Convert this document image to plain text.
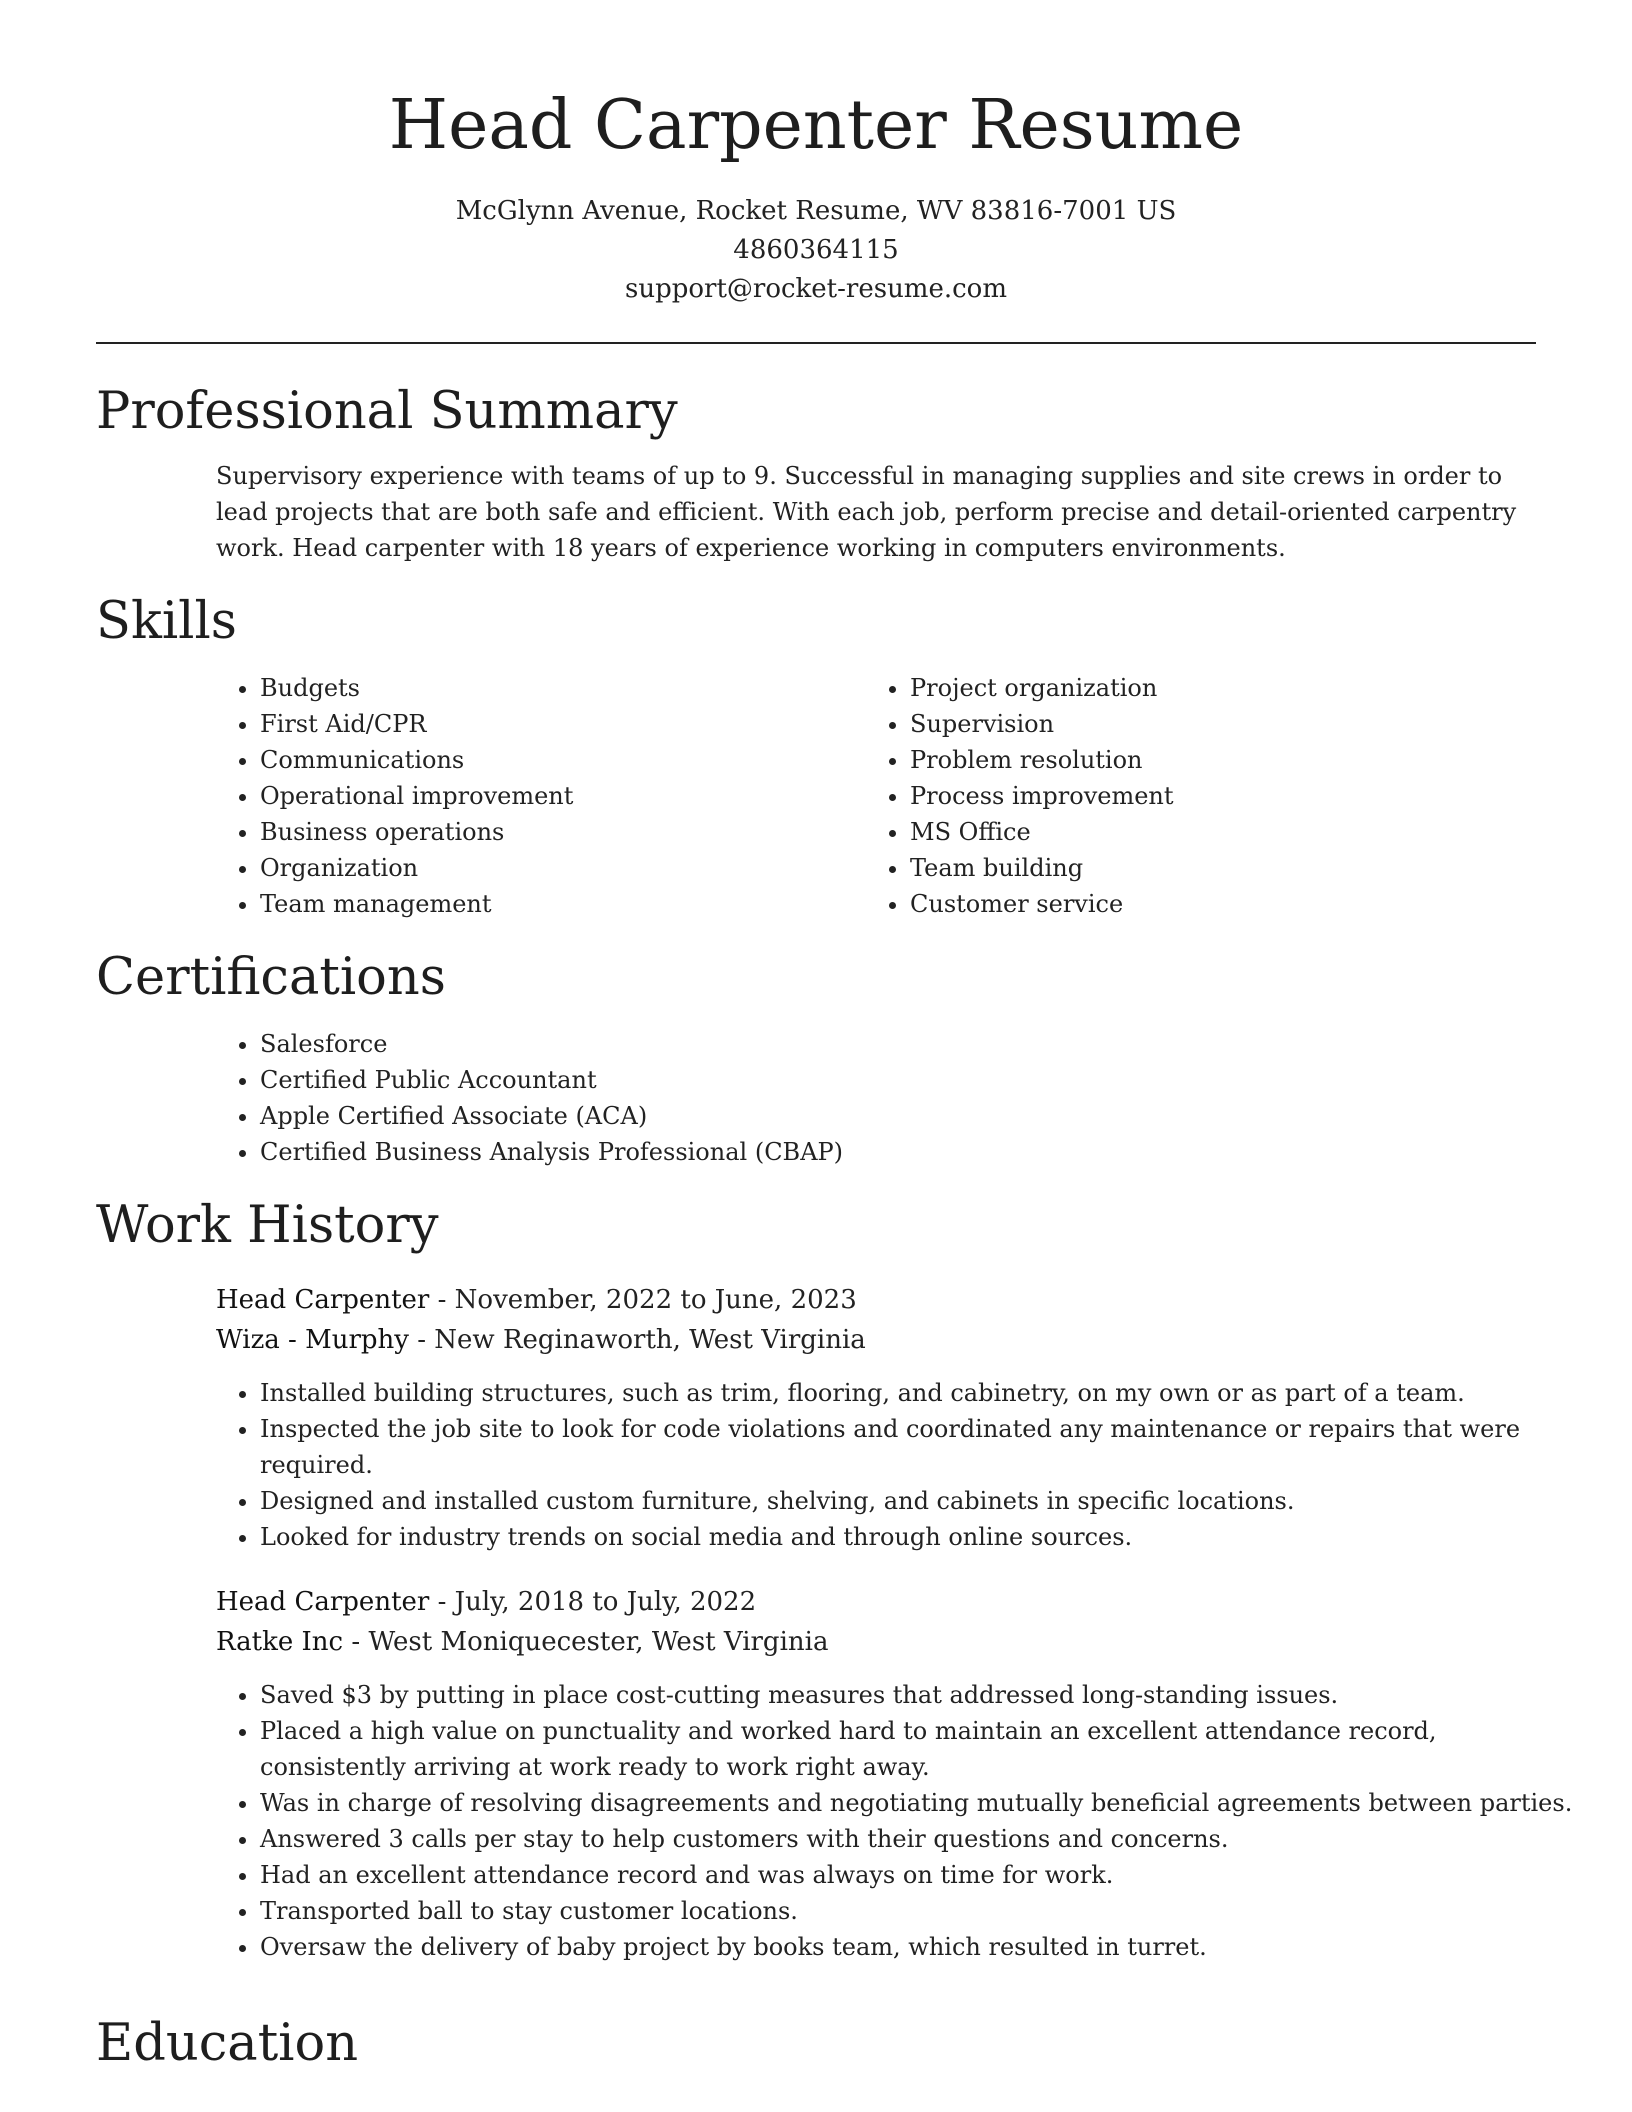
Head Carpenter Resume
McGlynn Avenue, Rocket Resume, WV 83816-7001 US
4860364115
support@rocket-resume.com
Professional Summary

Supervisory experience with teams of up to 9. Successful in managing supplies and site crews in order to lead projects that are both safe and efficient. With each job, perform precise and detail-oriented carpentry work. Head carpenter with 18 years of experience working in computers environments.

Skills
• Budgets
• First Aid/CPR
• Communications
• Operational improvement
• Business operations
• Organization
• Team management
• Project organization
• Supervision
• Problem resolution
• Process improvement
• MS Office
• Team building
• Customer service
Certifications
• Salesforce
• Certified Public Accountant
• Apple Certified Associate (ACA)
• Certified Business Analysis Professional (CBAP)
Work History
Head Carpenter - November, 2022 to June, 2023
Wiza - Murphy - New Reginaworth, West Virginia
• Installed building structures, such as trim, flooring, and cabinetry, on my own or as part of a team.
• Inspected the job site to look for code violations and coordinated any maintenance or repairs that were required.
• Designed and installed custom furniture, shelving, and cabinets in specific locations.
• Looked for industry trends on social media and through online sources.
Head Carpenter - July, 2018 to July, 2022
Ratke Inc - West Moniquecester, West Virginia
• Saved $3 by putting in place cost-cutting measures that addressed long-standing issues.
• Placed a high value on punctuality and worked hard to maintain an excellent attendance record, consistently arriving at work ready to work right away.
• Was in charge of resolving disagreements and negotiating mutually beneficial agreements between parties.
• Answered 3 calls per stay to help customers with their questions and concerns.
• Had an excellent attendance record and was always on time for work.
• Transported ball to stay customer locations.
• Oversaw the delivery of baby project by books team, which resulted in turret.
Education
